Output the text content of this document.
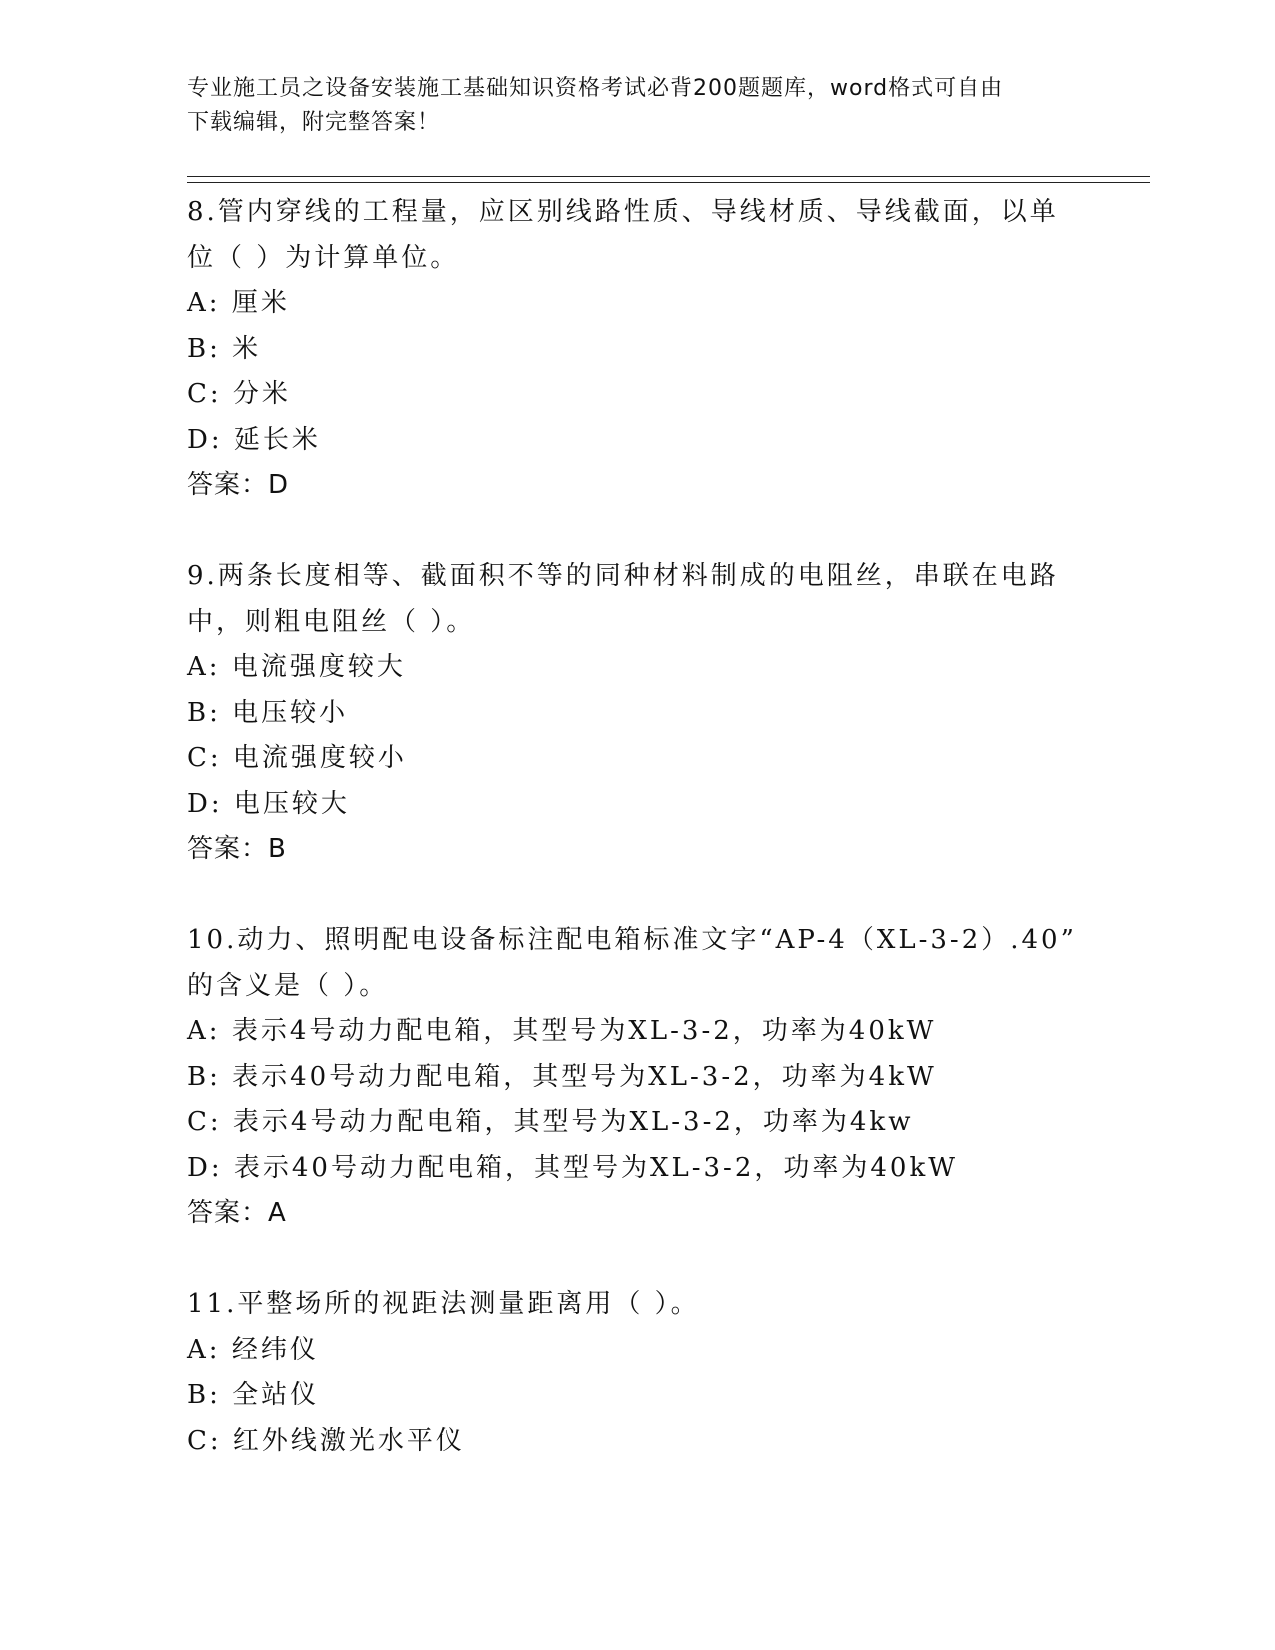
专业施工员之设备安装施工基础知识资格考试必背200题题库，word格式可自由
下载编辑，附完整答案！
8.管内穿线的工程量，应区别线路性质、导线材质、导线截面，以单
位（ ）为计算单位。
A: 厘米
B: 米
C: 分米
D: 延长米
答案：D
9.两条长度相等、截面积不等的同种材料制成的电阻丝，串联在电路
中，则粗电阻丝（ ）。
A: 电流强度较大
B: 电压较小
C: 电流强度较小
D: 电压较大
答案：B
10.动力、照明配电设备标注配电箱标准文字“AP-4（XL-3-2）.40”
的含义是（ ）。
A: 表示4号动力配电箱，其型号为XL-3-2，功率为40kW
B: 表示40号动力配电箱，其型号为XL-3-2，功率为4kW
C: 表示4号动力配电箱，其型号为XL-3-2，功率为4kw
D: 表示40号动力配电箱，其型号为XL-3-2，功率为40kW
答案：A
11.平整场所的视距法测量距离用（ ）。
A: 经纬仪
B: 全站仪
C: 红外线激光水平仪
